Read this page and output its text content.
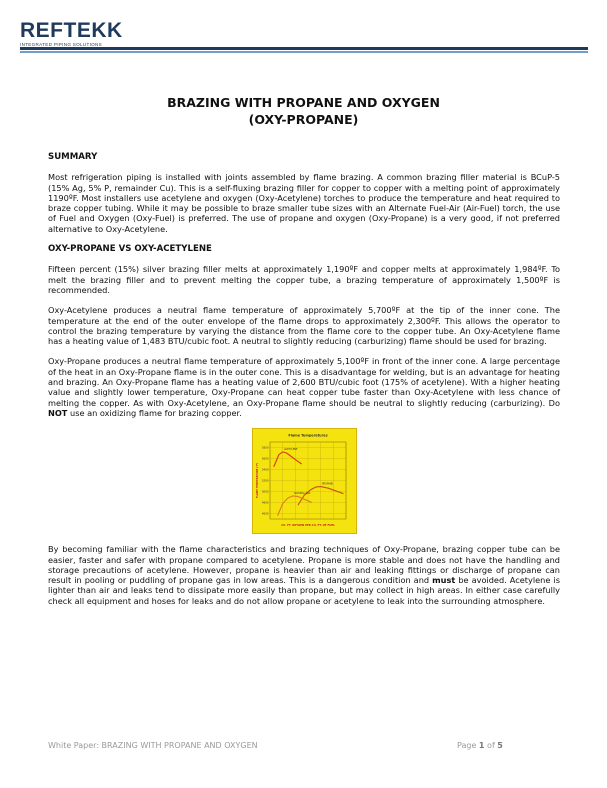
REFTEKK
INTEGRATED PIPING SOLUTIONS
BRAZING WITH PROPANE AND OXYGEN
(OXY-PROPANE)
SUMMARY

Most refrigeration piping is installed with joints assembled by flame brazing. A common brazing filler material is BCuP-5 (15% Ag, 5% P, remainder Cu). This is a self-fluxing brazing filler for copper to copper with a melting point of approximately 1190ºF. Most installers use acetylene and oxygen (Oxy-Acetylene) torches to produce the temperature and heat required to braze copper tubing. While it may be possible to braze smaller tube sizes with an Alternate Fuel-Air (Air-Fuel) torch, the use of Fuel and Oxygen (Oxy-Fuel) is preferred. The use of propane and oxygen (Oxy-Propane) is a very good, if not preferred alternative to Oxy-Acetylene.

OXY-PROPANE VS OXY-ACETYLENE

Fifteen percent (15%) silver brazing filler melts at approximately 1,190ºF and copper melts at approximately 1,984ºF. To melt the brazing filler and to prevent melting the copper tube, a brazing temperature of approximately 1,500ºF is recommended.

Oxy-Acetylene produces a neutral flame temperature of approximately 5,700ºF at the tip of the inner cone. The temperature at the end of the outer envelope of the flame drops to approximately 2,300ºF. This allows the operator to control the brazing temperature by varying the distance from the flame core to the copper tube. An Oxy-Acetylene flame has a heating value of 1,483 BTU/cubic foot. A neutral to slightly reducing (carburizing) flame should be used for brazing.

Oxy-Propane produces a neutral flame temperature of approximately 5,100ºF in front of the inner cone. A large percentage of the heat in an Oxy-Propane flame is in the outer cone. This is a disadvantage for welding, but is an advantage for heating and brazing. An Oxy-Propane flame has a heating value of 2,600 BTU/cubic foot (175% of acetylene). With a higher heating value and slightly lower temperature, Oxy-Propane can heat copper tube faster than Oxy-Acetylene with less chance of melting the copper. As with Oxy-Acetylene, an Oxy-Propane flame should be neutral to slightly reducing (carburizing). Do NOT use an oxidizing flame for brazing copper.

5800
5600
5400
5200
5000
4800
4600
Flame Temperatures
CU. FT. OXYGEN PER CU. FT. OF FUEL
FLAME TEMPERATURE (°F)
ACETYLENE
PROPANE
NATURAL GAS

By becoming familiar with the flame characteristics and brazing techniques of Oxy-Propane, brazing copper tube can be easier, faster and safer with propane compared to acetylene. Propane is more stable and does not have the handling and storage precautions of acetylene. However, propane is heavier than air and leaking fittings or discharge of propane can result in pooling or puddling of propane gas in low areas. This is a dangerous condition and must be avoided. Acetylene is lighter than air and leaks tend to dissipate more easily than propane, but may collect in high areas. In either case carefully check all equipment and hoses for leaks and do not allow propane or acetylene to leak into the surrounding atmosphere.

White Paper: BRAZING WITH PROPANE AND OXYGEN	Page 1 of 5
